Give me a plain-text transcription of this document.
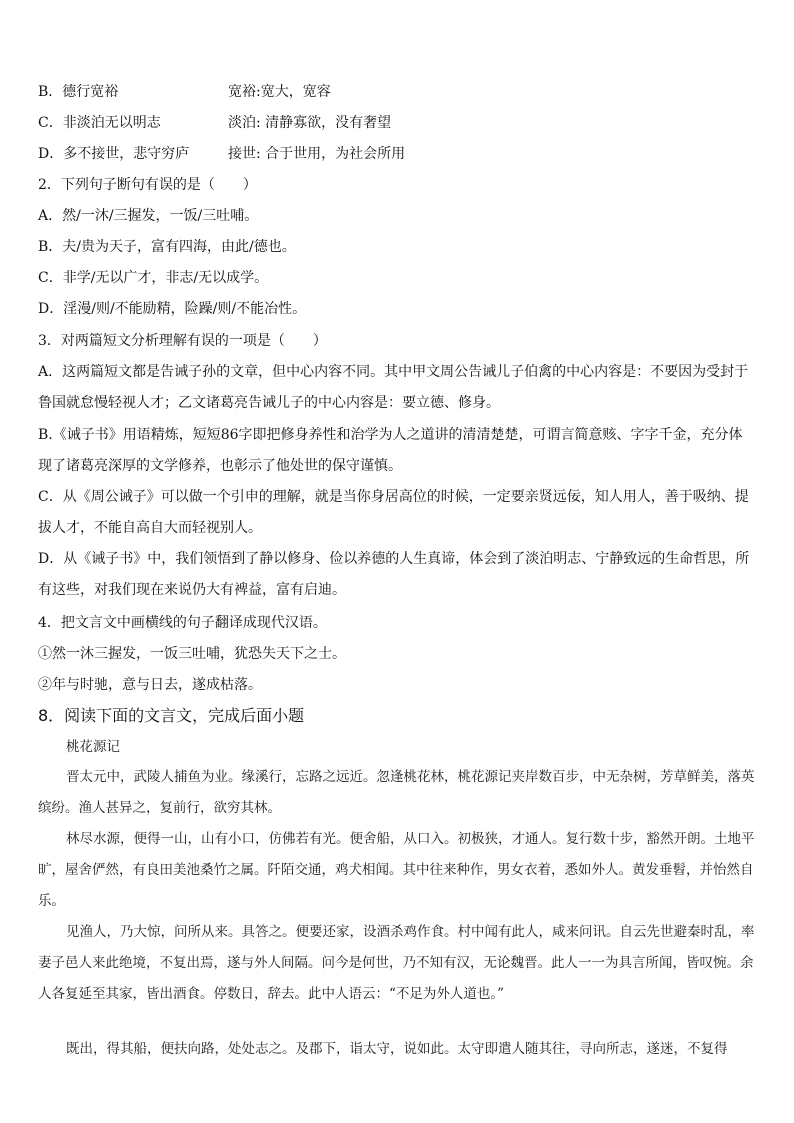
B．德行宽裕	宽裕:宽大，宽容
C．非淡泊无以明志	淡泊: 清静寡欲，没有奢望
D．多不接世，悲守穷庐	接世: 合于世用，为社会所用
2．下列句子断句有误的是（　　）
A．然/一沐/三握发，一饭/三吐哺。
B．夫/贵为天子，富有四海，由此/德也。
C．非学/无以广才，非志/无以成学。
D．淫漫/则/不能励精，险躁/则/不能冶性。
3．对两篇短文分析理解有误的一项是（　　）
A．这两篇短文都是告诫子孙的文章，但中心内容不同。其中甲文周公告诫儿子伯禽的中心内容是：不要因为受封于鲁国就怠慢轻视人才；乙文诸葛亮告诫儿子的中心内容是：要立德、修身。
B.《诫子书》用语精炼，短短86字即把修身养性和治学为人之道讲的清清楚楚，可谓言简意赅、字字千金，充分体现了诸葛亮深厚的文学修养，也彰示了他处世的保守谨慎。
C．从《周公诫子》可以做一个引申的理解，就是当你身居高位的时候，一定要亲贤远佞，知人用人，善于吸纳、提拔人才，不能自高自大而轻视别人。
D．从《诫子书》中，我们领悟到了静以修身、俭以养德的人生真谛，体会到了淡泊明志、宁静致远的生命哲思，所有这些，对我们现在来说仍大有裨益，富有启迪。
4．把文言文中画横线的句子翻译成现代汉语。
①然一沐三握发，一饭三吐哺，犹恐失天下之士。
②年与时驰，意与日去，遂成枯落。
8．阅读下面的文言文，完成后面小题
桃花源记
晋太元中，武陵人捕鱼为业。缘溪行，忘路之远近。忽逢桃花林，桃花源记夹岸数百步，中无杂树，芳草鲜美，落英缤纷。渔人甚异之，复前行，欲穷其林。
林尽水源，便得一山，山有小口，仿佛若有光。便舍船，从口入。初极狭，才通人。复行数十步，豁然开朗。土地平旷，屋舍俨然，有良田美池桑竹之属。阡陌交通，鸡犬相闻。其中往来种作，男女衣着，悉如外人。黄发垂髫，并怡然自乐。
见渔人，乃大惊，问所从来。具答之。便要还家，设酒杀鸡作食。村中闻有此人，咸来问讯。自云先世避秦时乱，率妻子邑人来此绝境，不复出焉，遂与外人间隔。问今是何世，乃不知有汉，无论魏晋。此人一一为具言所闻，皆叹惋。余人各复延至其家，皆出酒食。停数日，辞去。此中人语云：“不足为外人道也。”
既出，得其船，便扶向路，处处志之。及郡下，诣太守，说如此。太守即遣人随其往，寻向所志，遂迷，不复得
